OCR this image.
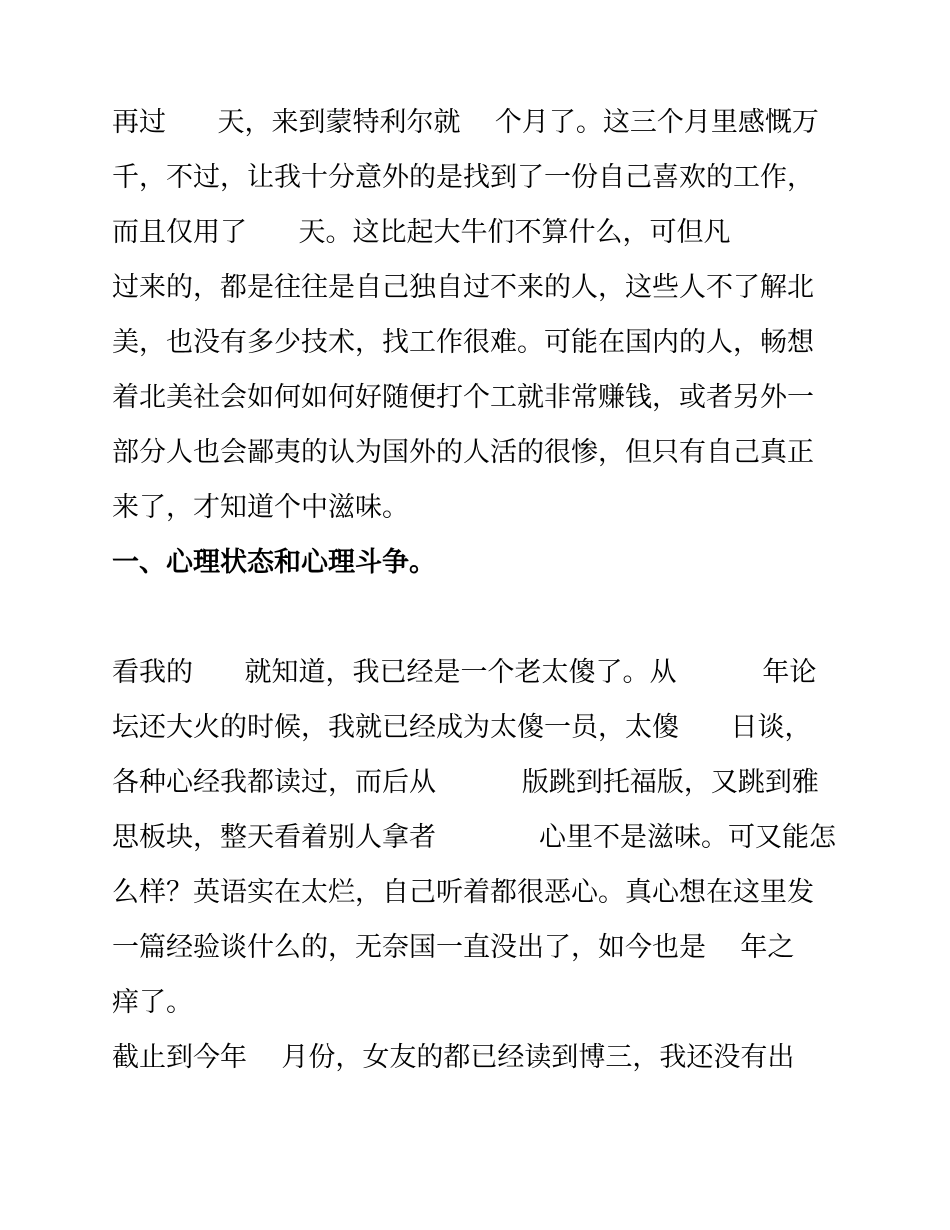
再过      天，来到蒙特利尔就    个月了。这三个月里感慨万
千，不过，让我十分意外的是找到了一份自己喜欢的工作，
而且仅用了      天。这比起大牛们不算什么，可但凡
过来的，都是往往是自己独自过不来的人，这些人不了解北
美，也没有多少技术，找工作很难。可能在国内的人，畅想
着北美社会如何如何好随便打个工就非常赚钱，或者另外一
部分人也会鄙夷的认为国外的人活的很惨，但只有自己真正
来了，才知道个中滋味。
一、心理状态和心理斗争。
看我的      就知道，我已经是一个老太傻了。从          年论
坛还大火的时候，我就已经成为太傻一员，太傻      日谈，
各种心经我都读过，而后从          版跳到托福版，又跳到雅
思板块，整天看着别人拿者            心里不是滋味。可又能怎
么样？英语实在太烂，自己听着都很恶心。真心想在这里发
一篇经验谈什么的，无奈国一直没出了，如今也是    年之
痒了。
截止到今年    月份，女友的都已经读到博三，我还没有出
